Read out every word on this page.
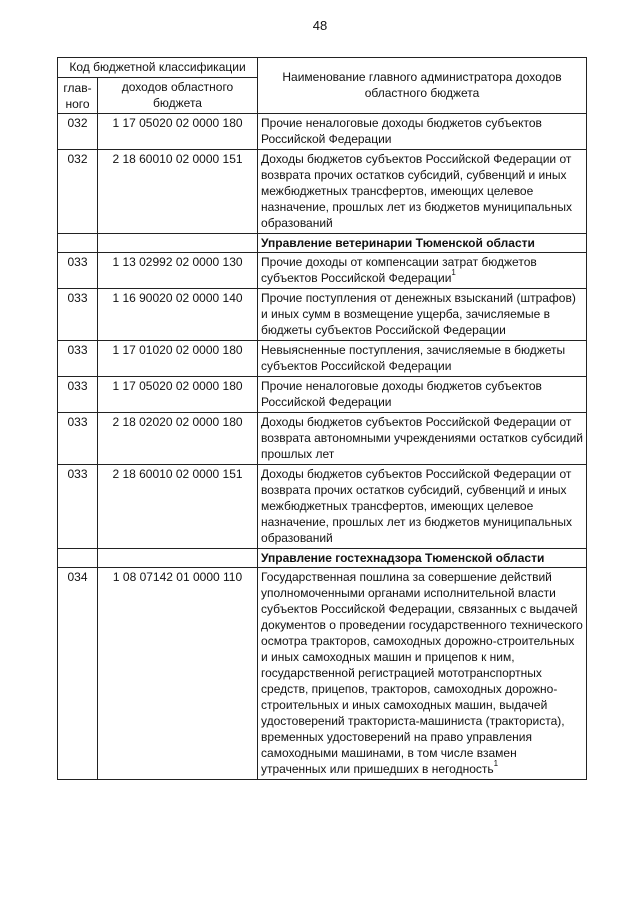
48
Код бюджетной классификации		Наименование главного администратора доходов областного бюджета
глав-
ного	доходов областного бюджета	
032	1 17 05020 02 0000 180	Прочие неналоговые доходы бюджетов субъектов Российской Федерации
032	2 18 60010 02 0000 151	Доходы бюджетов субъектов Российской Федерации от возврата прочих остатков субсидий, субвенций и иных межбюджетных трансфертов, имеющих целевое назначение, прошлых лет из бюджетов муниципальных образований
		Управление ветеринарии Тюменской области
033	1 13 02992 02 0000 130	Прочие доходы от компенсации затрат бюджетов субъектов Российской Федерации$^1$
033	1 16 90020 02 0000 140	Прочие поступления от денежных взысканий (штрафов) и иных сумм в возмещение ущерба, зачисляемые в бюджеты субъектов Российской Федерации
033	1 17 01020 02 0000 180	Невыясненные поступления, зачисляемые в бюджеты субъектов Российской Федерации
033	1 17 05020 02 0000 180	Прочие неналоговые доходы бюджетов субъектов Российской Федерации
033	2 18 02020 02 0000 180	Доходы бюджетов субъектов Российской Федерации от возврата автономными учреждениями остатков субсидий прошлых лет
033	2 18 60010 02 0000 151	Доходы бюджетов субъектов Российской Федерации от возврата прочих остатков субсидий, субвенций и иных межбюджетных трансфертов, имеющих целевое назначение, прошлых лет из бюджетов муниципальных образований
		Управление гостехнадзора Тюменской области
034	1 08 07142 01 0000 110	Государственная пошлина за совершение действий уполномоченными органами исполнительной власти субъектов Российской Федерации, связанных с выдачей документов о проведении государственного технического осмотра тракторов, самоходных дорожно-строительных и иных самоходных машин и прицепов к ним, государственной регистрацией мототранспортных средств, прицепов, тракторов, самоходных дорожно-строительных и иных самоходных машин, выдачей удостоверений тракториста-машиниста (тракториста), временных удостоверений на право управления самоходными машинами, в том числе взамен утраченных или пришедших в негодность$^1$
